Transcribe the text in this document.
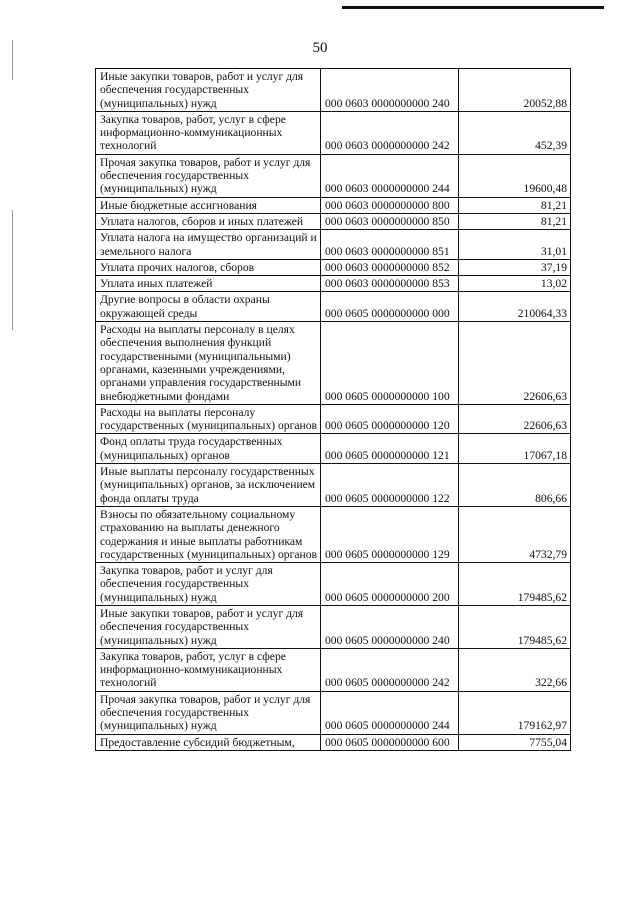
50
Иные закупки товаров, работ и услуг для обеспечения государственных (муниципальных) нужд	000 0603 0000000000 240	20052,88
Закупка товаров, работ, услуг в сфере информационно-коммуникационных технологий	000 0603 0000000000 242	452,39
Прочая закупка товаров, работ и услуг для обеспечения государственных (муниципальных) нужд	000 0603 0000000000 244	19600,48
Иные бюджетные ассигнования	000 0603 0000000000 800	81,21
Уплата налогов, сборов и иных платежей	000 0603 0000000000 850	81,21
Уплата налога на имущество организаций и земельного налога	000 0603 0000000000 851	31,01
Уплата прочих налогов, сборов	000 0603 0000000000 852	37,19
Уплата иных платежей	000 0603 0000000000 853	13,02
Другие вопросы в области охраны окружающей среды	000 0605 0000000000 000	210064,33
Расходы на выплаты персоналу в целях обеспечения выполнения функций государственными (муниципальными) органами, казенными учреждениями, органами управления государственными внебюджетными фондами	000 0605 0000000000 100	22606,63
Расходы на выплаты персоналу государственных (муниципальных) органов	000 0605 0000000000 120	22606,63
Фонд оплаты труда государственных (муниципальных) органов	000 0605 0000000000 121	17067,18
Иные выплаты персоналу государственных (муниципальных) органов, за исключением фонда оплаты труда	000 0605 0000000000 122	806,66
Взносы по обязательному социальному страхованию на выплаты денежного содержания и иные выплаты работникам государственных (муниципальных) органов	000 0605 0000000000 129	4732,79
Закупка товаров, работ и услуг для обеспечения государственных (муниципальных) нужд	000 0605 0000000000 200	179485,62
Иные закупки товаров, работ и услуг для обеспечения государственных (муниципальных) нужд	000 0605 0000000000 240	179485,62
Закупка товаров, работ, услуг в сфере информационно-коммуникационных технологий	000 0605 0000000000 242	322,66
Прочая закупка товаров, работ и услуг для обеспечения государственных (муниципальных) нужд	000 0605 0000000000 244	179162,97
Предоставление субсидий бюджетным,	000 0605 0000000000 600	7755,04
